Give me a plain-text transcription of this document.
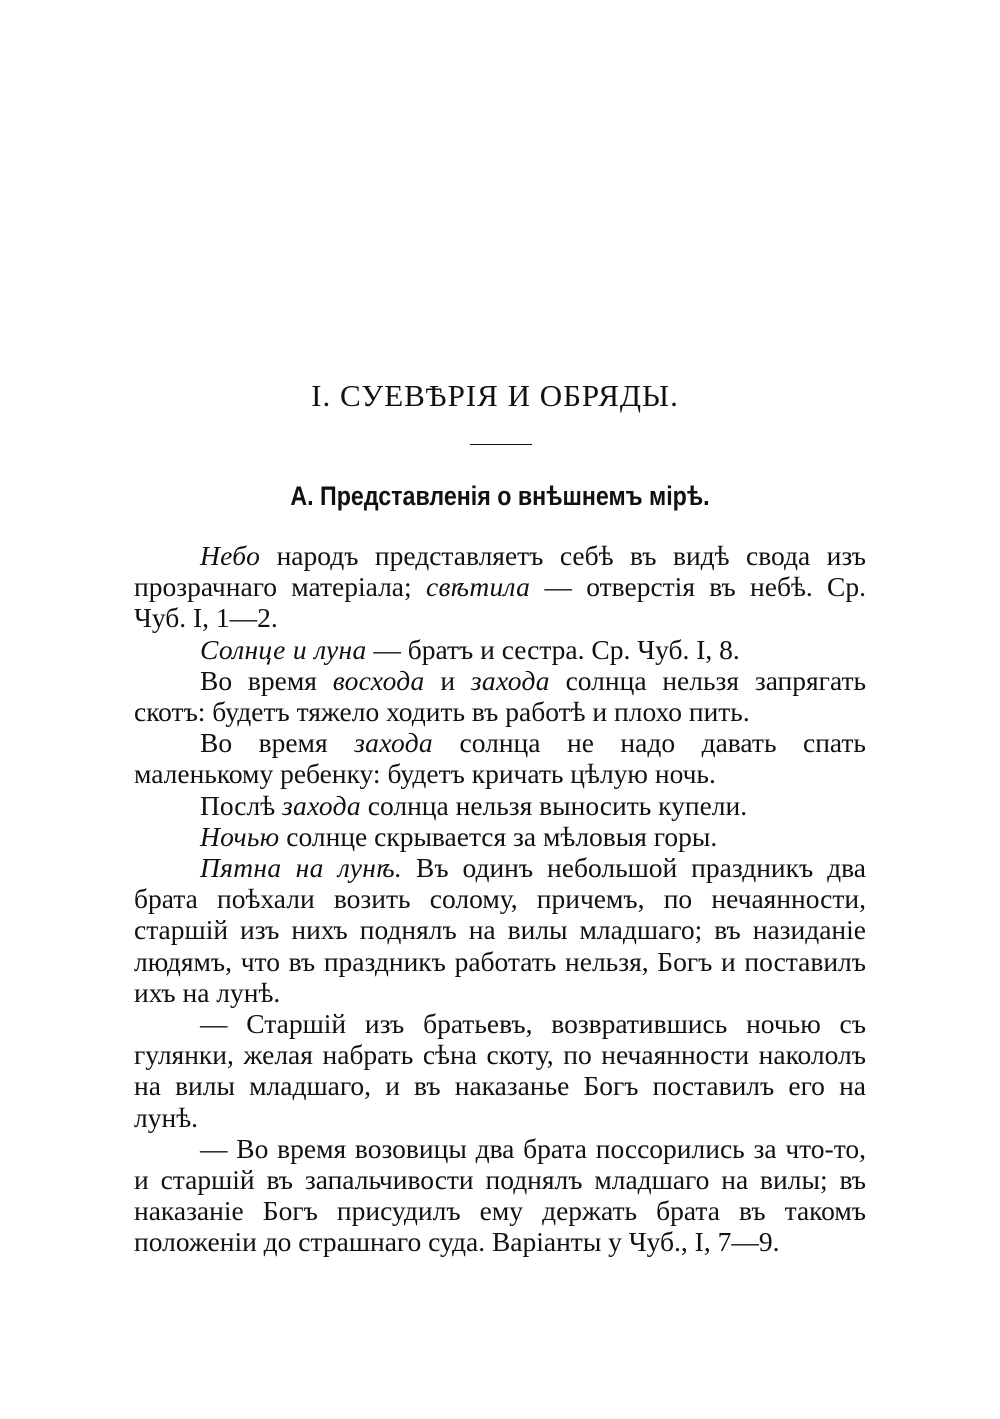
I. СУЕВѢРІЯ И ОБРЯДЫ.
A. Представленія о внѣшнемъ мірѣ.

Небо народъ представляетъ себѣ въ видѣ свода изъ прозрачнаго матеріала; свѣтила — отверстія въ небѣ. Ср. Чуб. I, 1—2.

Солнце и луна — братъ и сестра. Ср. Чуб. I, 8.

Во время восхода и захода солнца нельзя запрягать скотъ: будетъ тяжело ходить въ работѣ и плохо пить.

Во время захода солнца не надо давать спать маленькому ребенку: будетъ кричать цѣлую ночь.

Послѣ захода солнца нельзя выносить купели.

Ночью солнце скрывается за мѣловыя горы.

Пятна на лунѣ. Въ одинъ небольшой праздникъ два брата поѣхали возить солому, причемъ, по нечаянности, старшій изъ нихъ поднялъ на вилы младшаго; въ назиданіе людямъ, что въ праздникъ работать нельзя, Богъ и поставилъ ихъ на лунѣ.

— Старшій изъ братьевъ, возвратившись ночью съ гулянки, желая набрать сѣна скоту, по нечаянности накололъ на вилы младшаго, и въ наказанье Богъ поставилъ его на лунѣ.

— Во время возовицы два брата поссорились за что-то, и старшій въ запальчивости поднялъ младшаго на вилы; въ наказаніе Богъ присудилъ ему держать брата въ такомъ положеніи до страшнаго суда. Варіанты у Чуб., I, 7—9.
